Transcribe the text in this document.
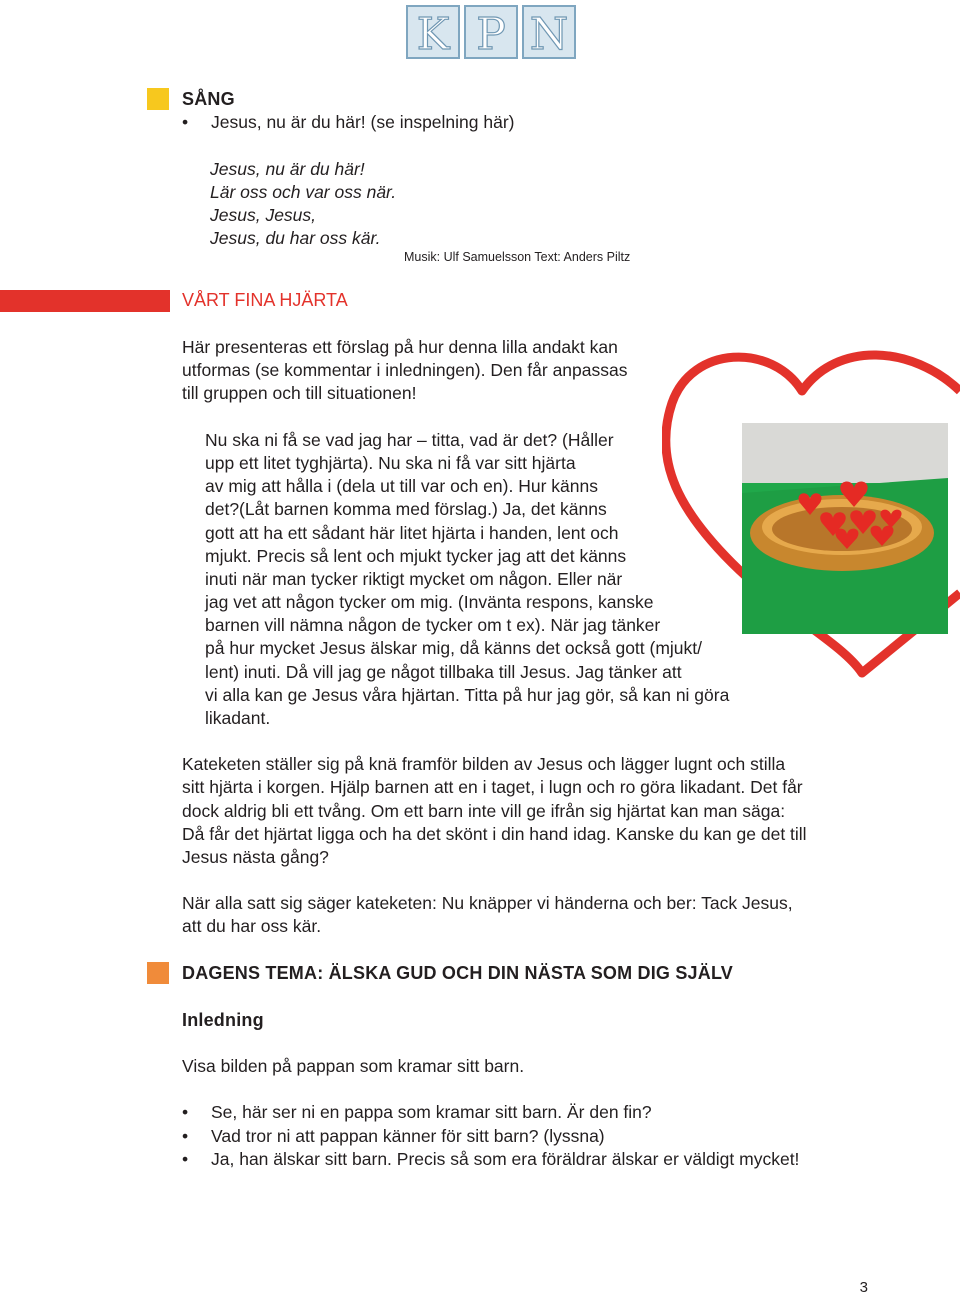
K P N
SÅNG
• Jesus, nu är du här! (se inspelning här)
Jesus, nu är du här!
Lär oss och var oss när.
Jesus, Jesus,
Jesus, du har oss kär.
Musik: Ulf Samuelsson Text: Anders Piltz
VÅRT FINA HJÄRTA
Här presenteras ett förslag på hur denna lilla andakt kan
utformas (se kommentar i inledningen). Den får anpassas
till gruppen och till situationen!
Nu ska ni få se vad jag har – titta, vad är det? (Håller
upp ett litet tyghjärta). Nu ska ni få var sitt hjärta
av mig att hålla i (dela ut till var och en). Hur känns
det?(Låt barnen komma med förslag.) Ja, det känns
gott att ha ett sådant här litet hjärta i handen, lent och
mjukt. Precis så lent och mjukt tycker jag att det känns
inuti när man tycker riktigt mycket om någon. Eller när
jag vet att någon tycker om mig. (Invänta respons, kanske
barnen vill nämna någon de tycker om t ex). När jag tänker
på hur mycket Jesus älskar mig, då känns det också gott (mjukt/
lent) inuti. Då vill jag ge något tillbaka till Jesus. Jag tänker att
vi alla kan ge Jesus våra hjärtan. Titta på hur jag gör, så kan ni göra
likadant.
Kateketen ställer sig på knä framför bilden av Jesus och lägger lugnt och stilla
sitt hjärta i korgen. Hjälp barnen att en i taget, i lugn och ro göra likadant. Det får
dock aldrig bli ett tvång. Om ett barn inte vill ge ifrån sig hjärtat kan man säga:
Då får det hjärtat ligga och ha det skönt i din hand idag. Kanske du kan ge det till
Jesus nästa gång?
När alla satt sig säger kateketen: Nu knäpper vi händerna och ber: Tack Jesus,
att du har oss kär.
DAGENS TEMA: ÄLSKA GUD OCH DIN NÄSTA SOM DIG SJÄLV
Inledning
Visa bilden på pappan som kramar sitt barn.
• Se, här ser ni en pappa som kramar sitt barn. Är den fin?
• Vad tror ni att pappan känner för sitt barn? (lyssna)
• Ja, han älskar sitt barn. Precis så som era föräldrar älskar er väldigt mycket!
3
